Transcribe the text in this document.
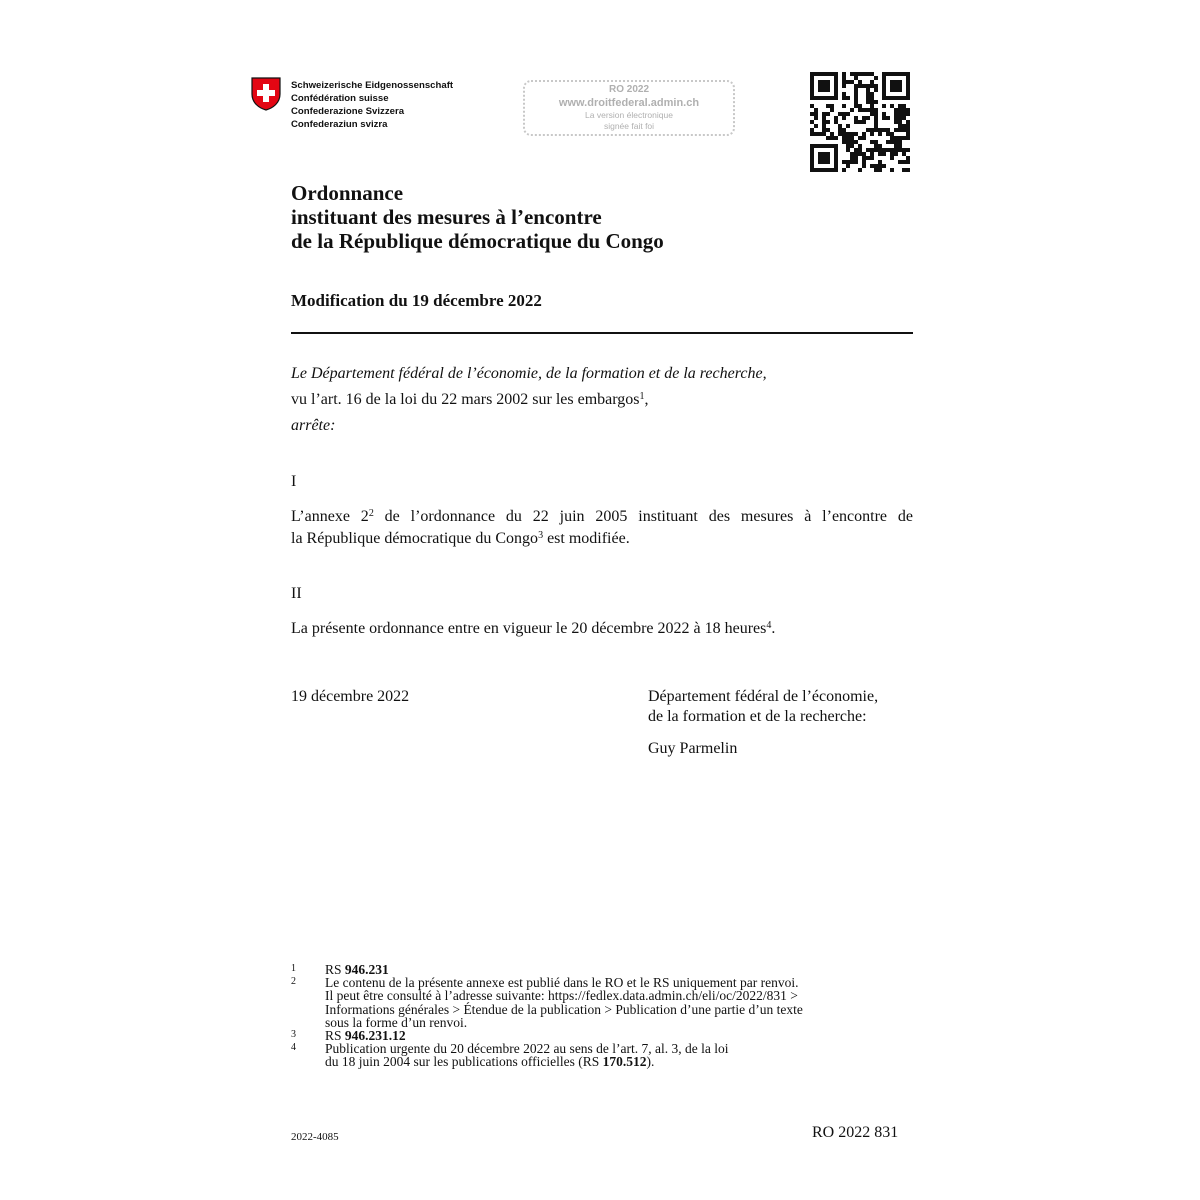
Schweizerische Eidgenossenschaft
Confédération suisse
Confederazione Svizzera
Confederaziun svizra
RO 2022
www.droitfederal.admin.ch
La version électronique
signée fait foi
Ordonnance
instituant des mesures à l’encontre
de la République démocratique du Congo
Modification du 19 décembre 2022
Le Département fédéral de l’économie, de la formation et de la recherche,
vu l’art. 16 de la loi du 22 mars 2002 sur les embargos$^1$,
arrête:
I
L’annexe $2^2$ de l’ordonnance du 22 juin 2005 instituant des mesures à l’encontre de
la République démocratique du Congo$^3$ est modifiée.
II
La présente ordonnance entre en vigueur le 20 décembre 2022 à 18 heures$^4$.
19 décembre 2022	Département fédéral de l’économie,
de la formation et de la recherche:
Guy Parmelin
1	RS 946.231
2	Le contenu de la présente annexe est publié dans le RO et le RS uniquement par renvoi.
Il peut être consulté à l’adresse suivante: https://fedlex.data.admin.ch/eli/oc/2022/831 >
Informations générales > Étendue de la publication > Publication d’une partie d’un texte
sous la forme d’un renvoi.
3	RS 946.231.12
4	Publication urgente du 20 décembre 2022 au sens de l’art. 7, al. 3, de la loi
du 18 juin 2004 sur les publications officielles (RS 170.512).
2022-4085	RO 2022 831
